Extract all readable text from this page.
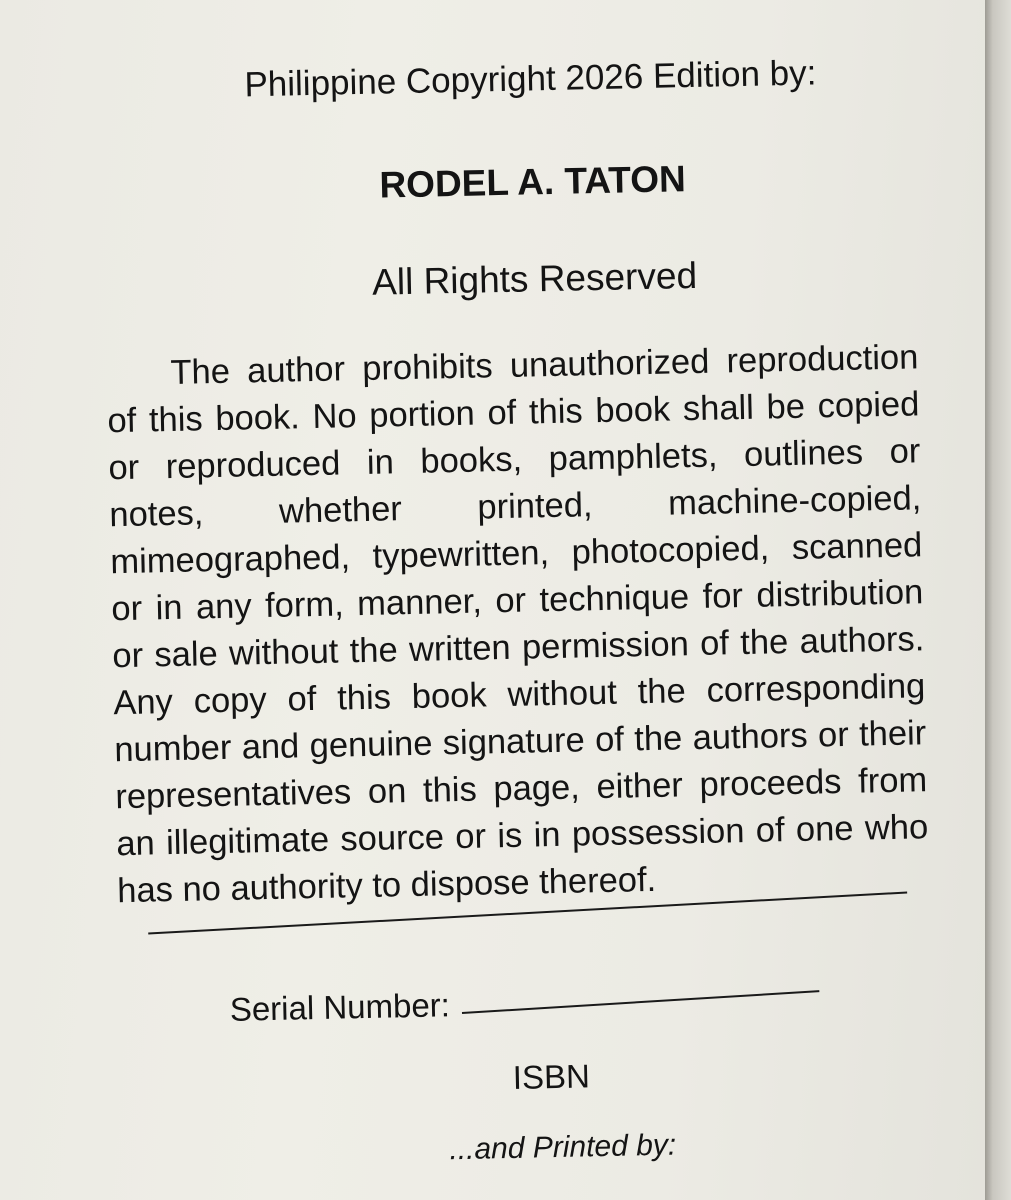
Philippine Copyright 2026 Edition by:

RODEL A. TATON

All Rights Reserved

The author prohibits unauthorized reproduction of this book. No portion of this book shall be copied or reproduced in books, pamphlets, outlines or notes, whether printed, machine-copied, mimeographed, typewritten, photocopied, scanned or in any form, manner, or technique for distribution or sale without the written permission of the authors. Any copy of this book without the corresponding number and genuine signature of the authors or their representatives on this page, either proceeds from an illegitimate source or is in possession of one who has no authority to dispose thereof.

Serial Number:

ISBN

...and Printed by:
